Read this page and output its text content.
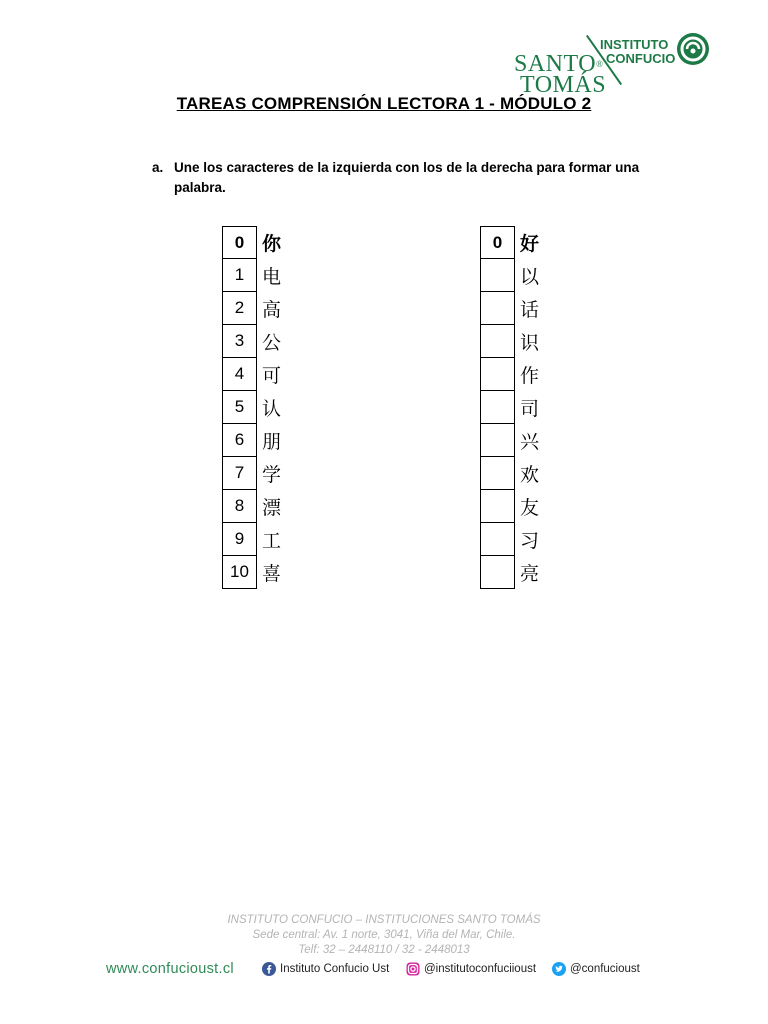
SANTO®
TOMÁS
INSTITUTO
CONFUCIO
TAREAS COMPRENSIÓN LECTORA 1 - MÓDULO 2
a. Une los caracteres de la izquierda con los de la derecha para formar una palabra.
0 你
1 电
2 高
3 公
4 可
5 认
6 朋
7 学
8 漂
9 工
10 喜
0 好
以
话
识
作
司
兴
欢
友
习
亮
INSTITUTO CONFUCIO – INSTITUCIONES SANTO TOMÁS
Sede central: Av. 1 norte, 3041, Viña del Mar, Chile.
Telf: 32 – 2448110 / 32 - 2448013
www.confucioust.cl	Instituto Confucio Ust	@institutoconfuciioust	@confucioust
